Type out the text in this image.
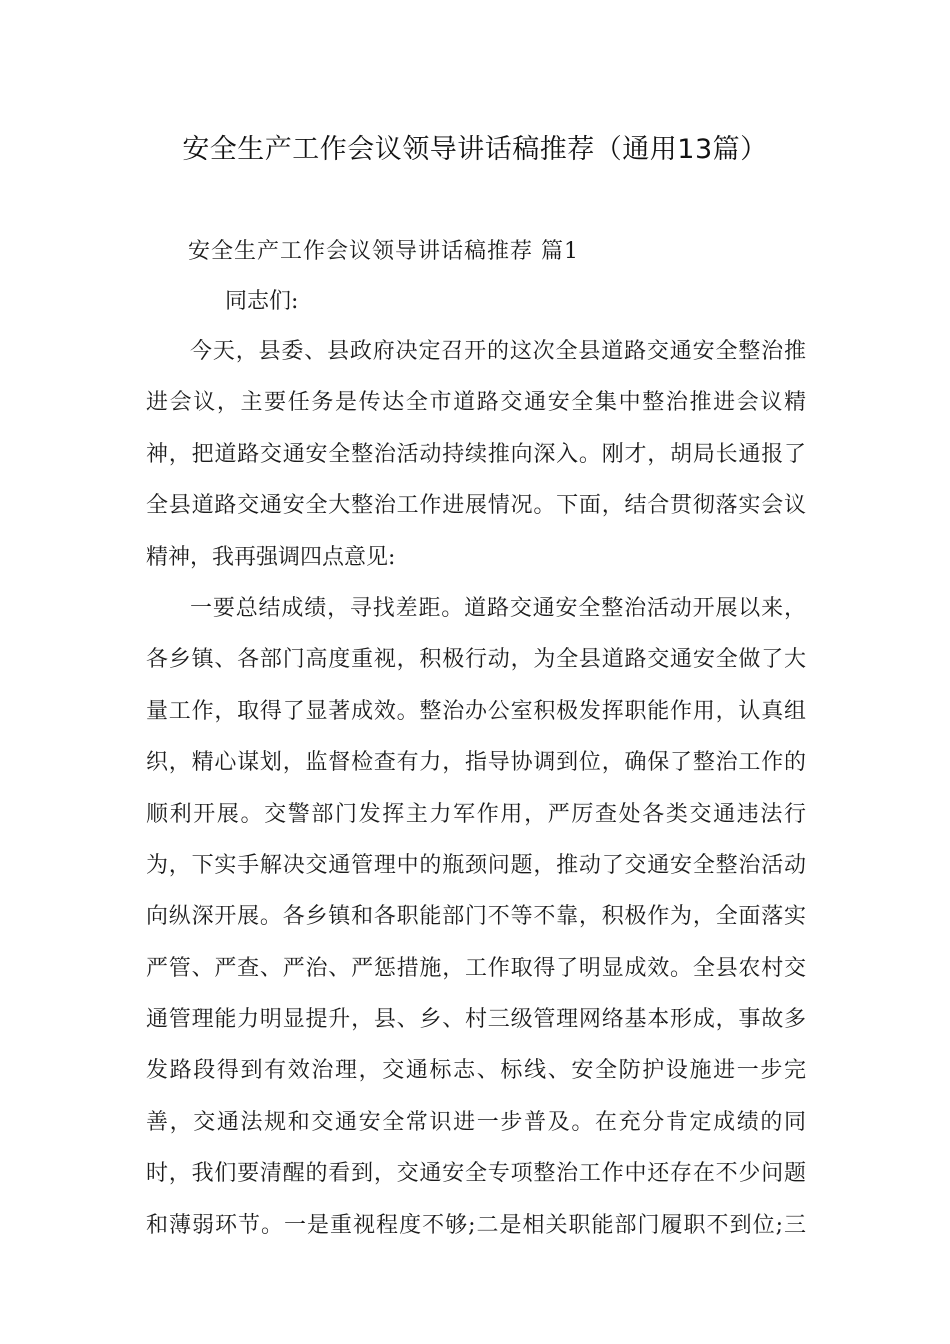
安全生产工作会议领导讲话稿推荐（通用13篇）
安全生产工作会议领导讲话稿推荐 篇1
同志们:
今天，县委、县政府决定召开的这次全县道路交通安全整治推
进会议，主要任务是传达全市道路交通安全集中整治推进会议精
神，把道路交通安全整治活动持续推向深入。刚才，胡局长通报了
全县道路交通安全大整治工作进展情况。下面，结合贯彻落实会议
精神，我再强调四点意见:
一要总结成绩，寻找差距。道路交通安全整治活动开展以来，
各乡镇、各部门高度重视，积极行动，为全县道路交通安全做了大
量工作，取得了显著成效。整治办公室积极发挥职能作用，认真组
织，精心谋划，监督检查有力，指导协调到位，确保了整治工作的
顺利开展。交警部门发挥主力军作用，严厉查处各类交通违法行
为，下实手解决交通管理中的瓶颈问题，推动了交通安全整治活动
向纵深开展。各乡镇和各职能部门不等不靠，积极作为，全面落实
严管、严查、严治、严惩措施，工作取得了明显成效。全县农村交
通管理能力明显提升，县、乡、村三级管理网络基本形成，事故多
发路段得到有效治理，交通标志、标线、安全防护设施进一步完
善，交通法规和交通安全常识进一步普及。在充分肯定成绩的同
时，我们要清醒的看到，交通安全专项整治工作中还存在不少问题
和薄弱环节。一是重视程度不够;二是相关职能部门履职不到位;三
